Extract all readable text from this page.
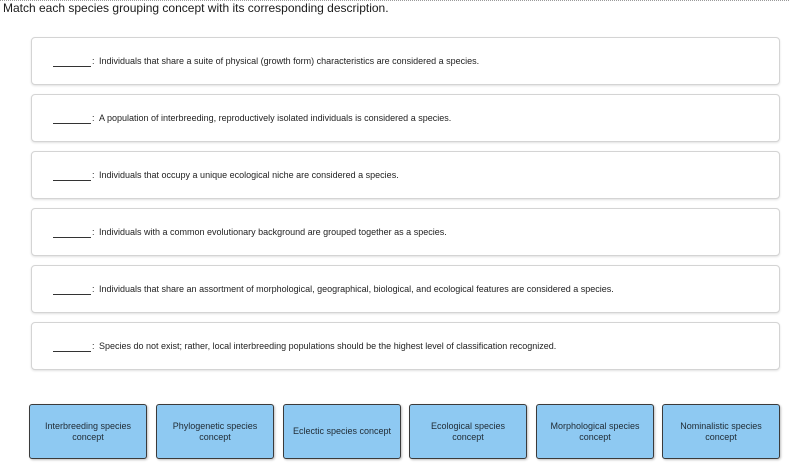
Match each species grouping concept with its corresponding description.
: Individuals that share a suite of physical (growth form) characteristics are considered a species.
: A population of interbreeding, reproductively isolated individuals is considered a species.
: Individuals that occupy a unique ecological niche are considered a species.
: Individuals with a common evolutionary background are grouped together as a species.
: Individuals that share an assortment of morphological, geographical, biological, and ecological features are considered a species.
: Species do not exist; rather, local interbreeding populations should be the highest level of classification recognized.
Interbreeding species concept
Phylogenetic species concept
Eclectic species concept
Ecological species concept
Morphological species concept
Nominalistic species concept
